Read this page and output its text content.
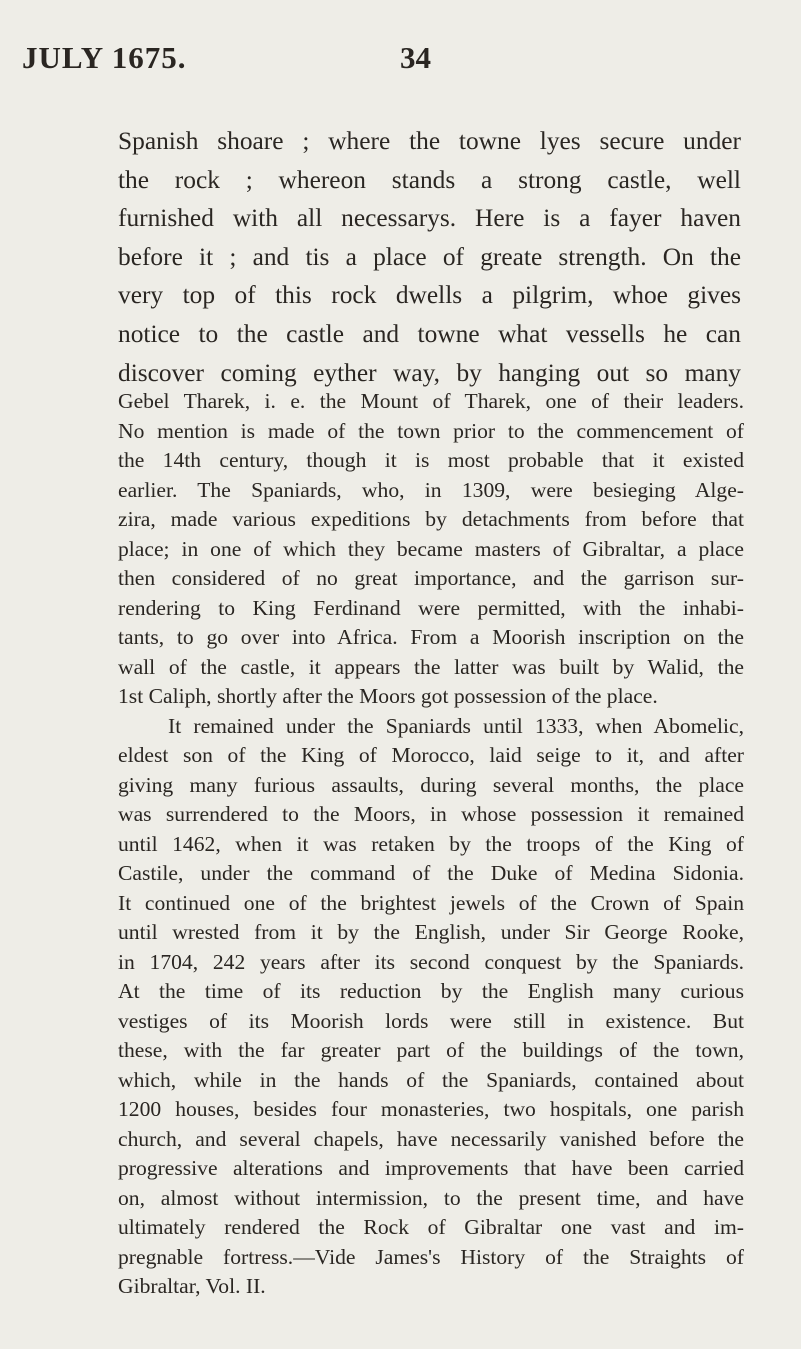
JULY 1675.	34
Spanish shoare ; where the towne lyes secure under
the rock ; whereon stands a strong castle, well
furnished with all necessarys. Here is a fayer haven
before it ; and tis a place of greate strength. On the
very top of this rock dwells a pilgrim, whoe gives
notice to the castle and towne what vessells he can
discover coming eyther way, by hanging out so many
Gebel Tharek, i. e. the Mount of Tharek, one of their leaders.
No mention is made of the town prior to the commencement of
the 14th century, though it is most probable that it existed
earlier. The Spaniards, who, in 1309, were besieging Alge-
zira, made various expeditions by detachments from before that
place; in one of which they became masters of Gibraltar, a place
then considered of no great importance, and the garrison sur-
rendering to King Ferdinand were permitted, with the inhabi-
tants, to go over into Africa. From a Moorish inscription on the
wall of the castle, it appears the latter was built by Walid, the
1st Caliph, shortly after the Moors got possession of the place.
It remained under the Spaniards until 1333, when Abomelic,
eldest son of the King of Morocco, laid seige to it, and after
giving many furious assaults, during several months, the place
was surrendered to the Moors, in whose possession it remained
until 1462, when it was retaken by the troops of the King of
Castile, under the command of the Duke of Medina Sidonia.
It continued one of the brightest jewels of the Crown of Spain
until wrested from it by the English, under Sir George Rooke,
in 1704, 242 years after its second conquest by the Spaniards.
At the time of its reduction by the English many curious
vestiges of its Moorish lords were still in existence. But
these, with the far greater part of the buildings of the town,
which, while in the hands of the Spaniards, contained about
1200 houses, besides four monasteries, two hospitals, one parish
church, and several chapels, have necessarily vanished before the
progressive alterations and improvements that have been carried
on, almost without intermission, to the present time, and have
ultimately rendered the Rock of Gibraltar one vast and im-
pregnable fortress.—Vide James's History of the Straights of
Gibraltar, Vol. II.
